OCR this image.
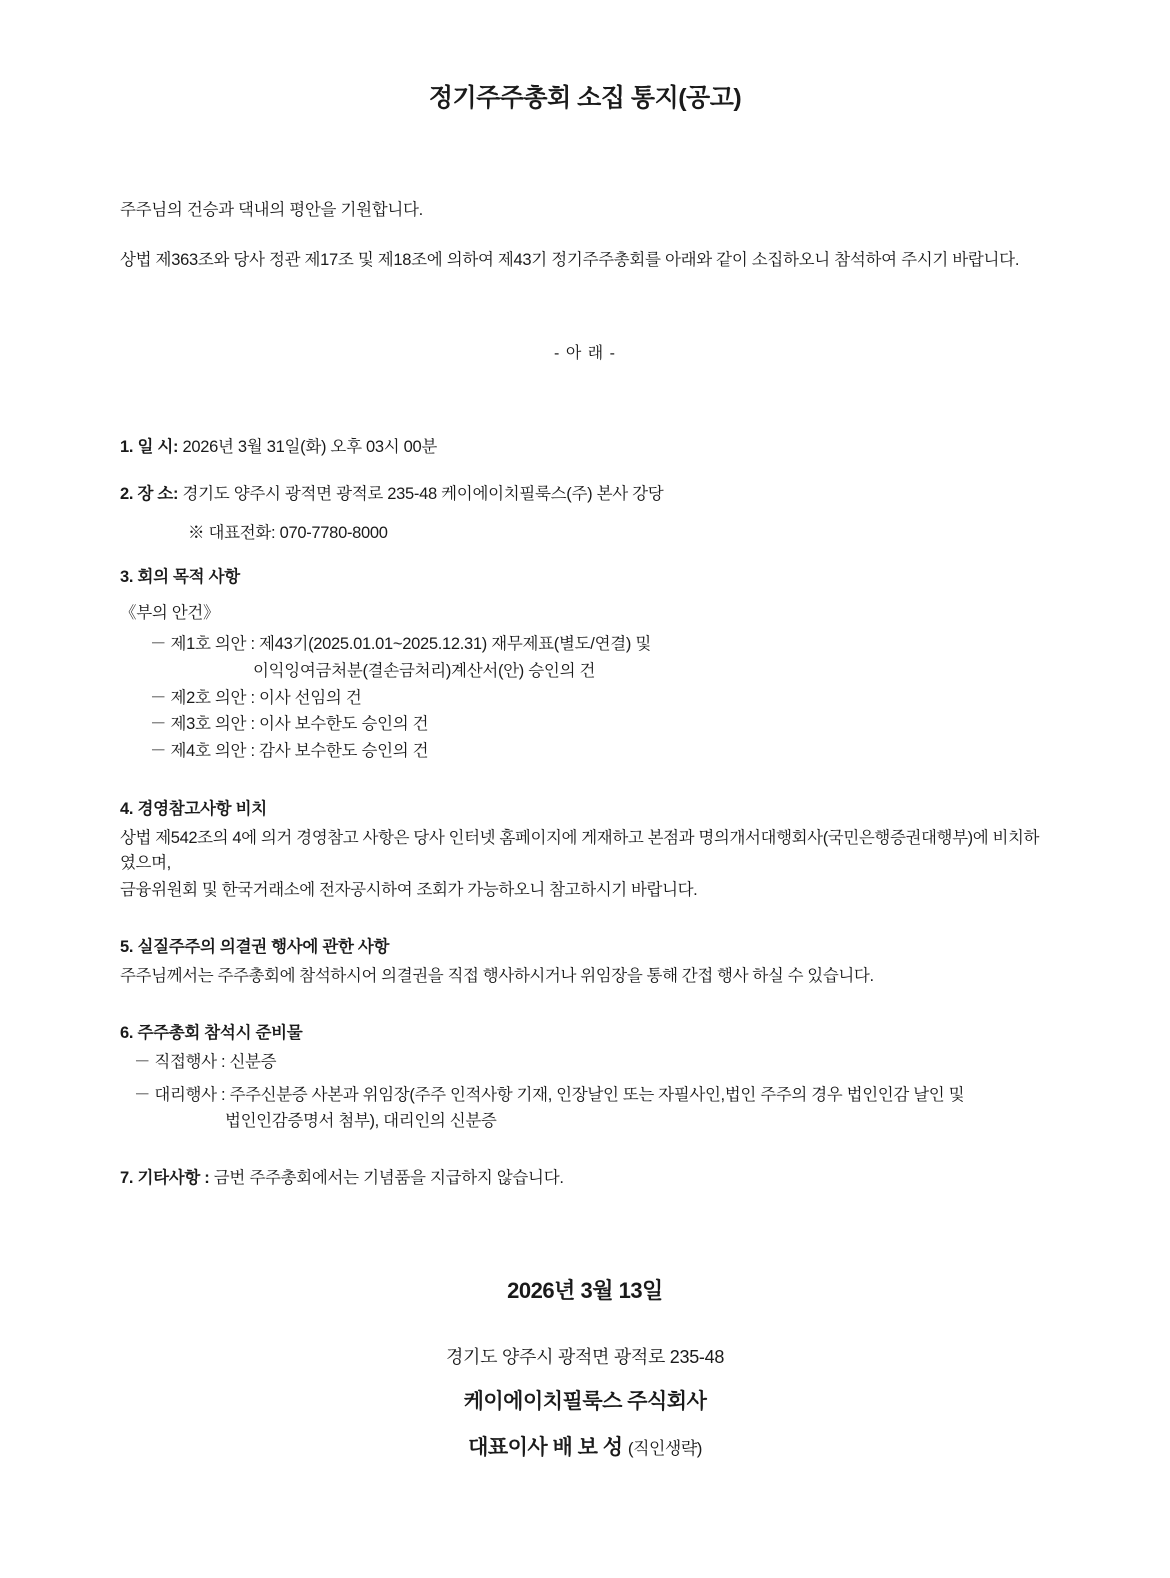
정기주주총회 소집 통지(공고)
주주님의 건승과 댁내의 평안을 기원합니다.
상법 제363조와 당사 정관 제17조 및 제18조에 의하여 제43기 정기주주총회를 아래와 같이 소집하오니 참석하여 주시기 바랍니다.
- 아 래 -
1. 일 시: 2026년 3월 31일(화) 오후 03시 00분
2. 장 소: 경기도 양주시 광적면 광적로 235-48 케이에이치필룩스(주) 본사 강당
※ 대표전화: 070-7780-8000
3. 회의 목적 사항
《부의 안건》
－ 제1호 의안 : 제43기(2025.01.01~2025.12.31) 재무제표(별도/연결) 및
이익잉여금처분(결손금처리)계산서(안) 승인의 건
－ 제2호 의안 : 이사 선임의 건
－ 제3호 의안 : 이사 보수한도 승인의 건
－ 제4호 의안 : 감사 보수한도 승인의 건
4. 경영참고사항 비치
상법 제542조의 4에 의거 경영참고 사항은 당사 인터넷 홈페이지에 게재하고 본점과 명의개서대행회사(국민은행증권대행부)에 비치하였으며,
금융위원회 및 한국거래소에 전자공시하여 조회가 가능하오니 참고하시기 바랍니다.
5. 실질주주의 의결권 행사에 관한 사항
주주님께서는 주주총회에 참석하시어 의결권을 직접 행사하시거나 위임장을 통해 간접 행사 하실 수 있습니다.
6. 주주총회 참석시 준비물
－ 직접행사 : 신분증
－ 대리행사 : 주주신분증 사본과 위임장(주주 인적사항 기재, 인장날인 또는 자필사인,법인 주주의 경우 법인인감 날인 및
법인인감증명서 첨부), 대리인의 신분증
7. 기타사항 : 금번 주주총회에서는 기념품을 지급하지 않습니다.
2026년 3월 13일
경기도 양주시 광적면 광적로 235-48
케이에이치필룩스 주식회사
대표이사 배 보 성 (직인생략)
